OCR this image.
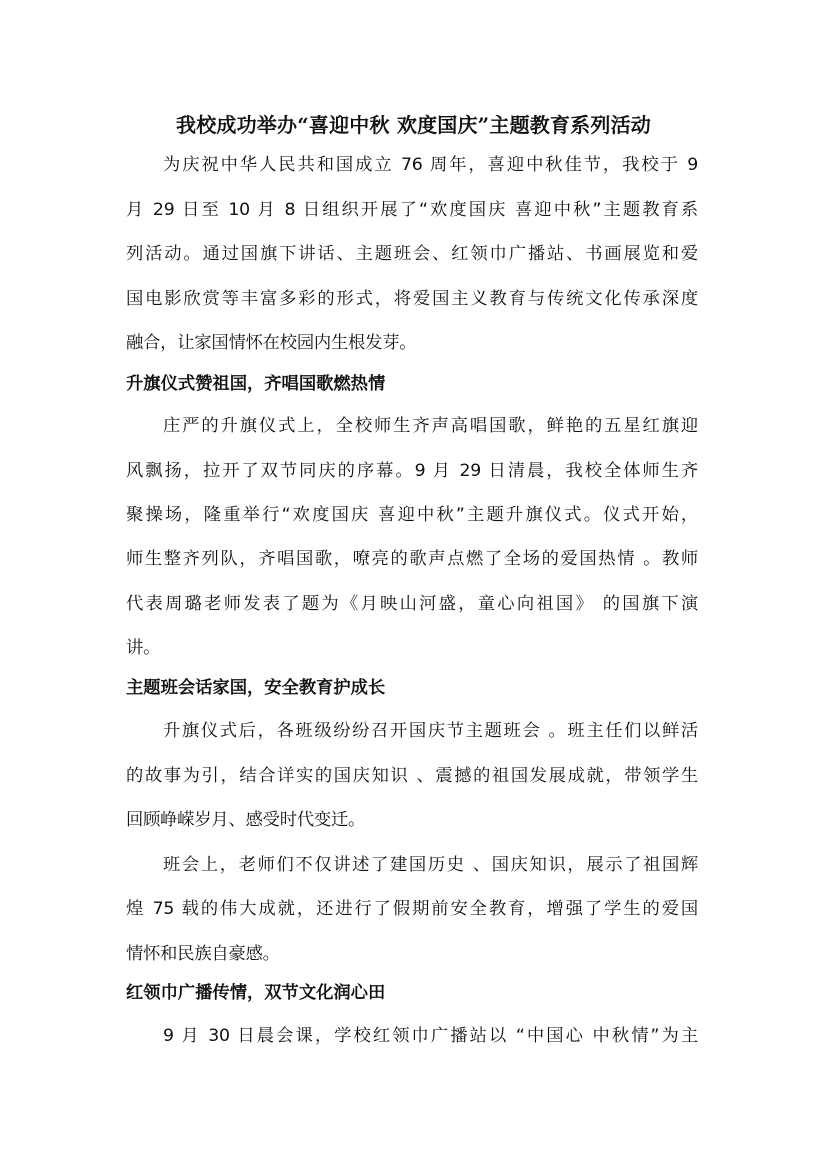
我校成功举办“喜迎中秋 欢度国庆”主题教育系列活动
为庆祝中华人民共和国成立 76 周年，喜迎中秋佳节，我校于 9
月 29 日至 10 月 8 日组织开展了“欢度国庆 喜迎中秋”主题教育系
列活动。通过国旗下讲话、主题班会、红领巾广播站、书画展览和爱
国电影欣赏等丰富多彩的形式，将爱国主义教育与传统文化传承深度
融合，让家国情怀在校园内生根发芽。
升旗仪式赞祖国，齐唱国歌燃热情
庄严的升旗仪式上，全校师生齐声高唱国歌，鲜艳的五星红旗迎
风飘扬，拉开了双节同庆的序幕。9 月 29 日清晨，我校全体师生齐
聚操场，隆重举行“欢度国庆 喜迎中秋”主题升旗仪式。仪式开始，
师生整齐列队，齐唱国歌，嘹亮的歌声点燃了全场的爱国热情 。教师
代表周璐老师发表了题为《月映山河盛，童心向祖国》 的国旗下演
讲。
主题班会话家国，安全教育护成长
升旗仪式后，各班级纷纷召开国庆节主题班会 。班主任们以鲜活
的故事为引，结合详实的国庆知识 、震撼的祖国发展成就，带领学生
回顾峥嵘岁月、感受时代变迁。
班会上，老师们不仅讲述了建国历史 、国庆知识，展示了祖国辉
煌 75 载的伟大成就，还进行了假期前安全教育，增强了学生的爱国
情怀和民族自豪感。
红领巾广播传情，双节文化润心田
9 月 30 日晨会课，学校红领巾广播站以 “中国心 中秋情”为主
